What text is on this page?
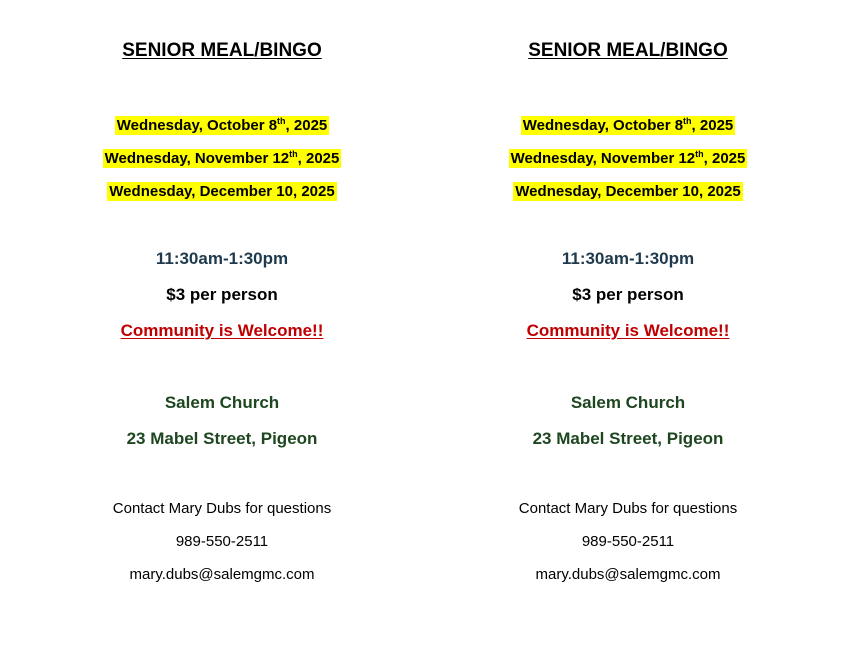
SENIOR MEAL/BINGO
Wednesday, October 8th, 2025
Wednesday, November 12th, 2025
Wednesday, December 10, 2025
11:30am-1:30pm
$3 per person
Community is Welcome!!
Salem Church
23 Mabel Street, Pigeon
Contact Mary Dubs for questions
989-550-2511
mary.dubs@salemgmc.com
SENIOR MEAL/BINGO
Wednesday, October 8th, 2025
Wednesday, November 12th, 2025
Wednesday, December 10, 2025
11:30am-1:30pm
$3 per person
Community is Welcome!!
Salem Church
23 Mabel Street, Pigeon
Contact Mary Dubs for questions
989-550-2511
mary.dubs@salemgmc.com
